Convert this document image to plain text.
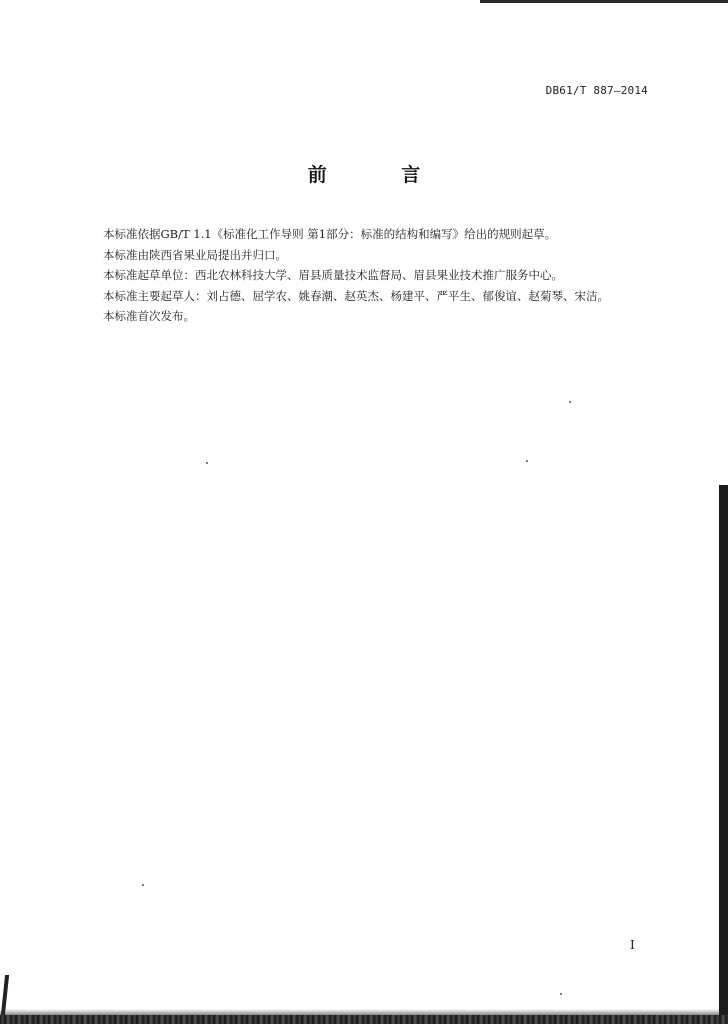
DB61/T 887—2014
前 言

本标准依据GB/T 1.1《标准化工作导则 第1部分：标准的结构和编写》给出的规则起草。

本标准由陕西省果业局提出并归口。

本标准起草单位：西北农林科技大学、眉县质量技术监督局、眉县果业技术推广服务中心。

本标准主要起草人：刘占德、屈学农、姚春潮、赵英杰、杨建平、严平生、郁俊谊、赵菊琴、宋洁。

本标准首次发布。

I
